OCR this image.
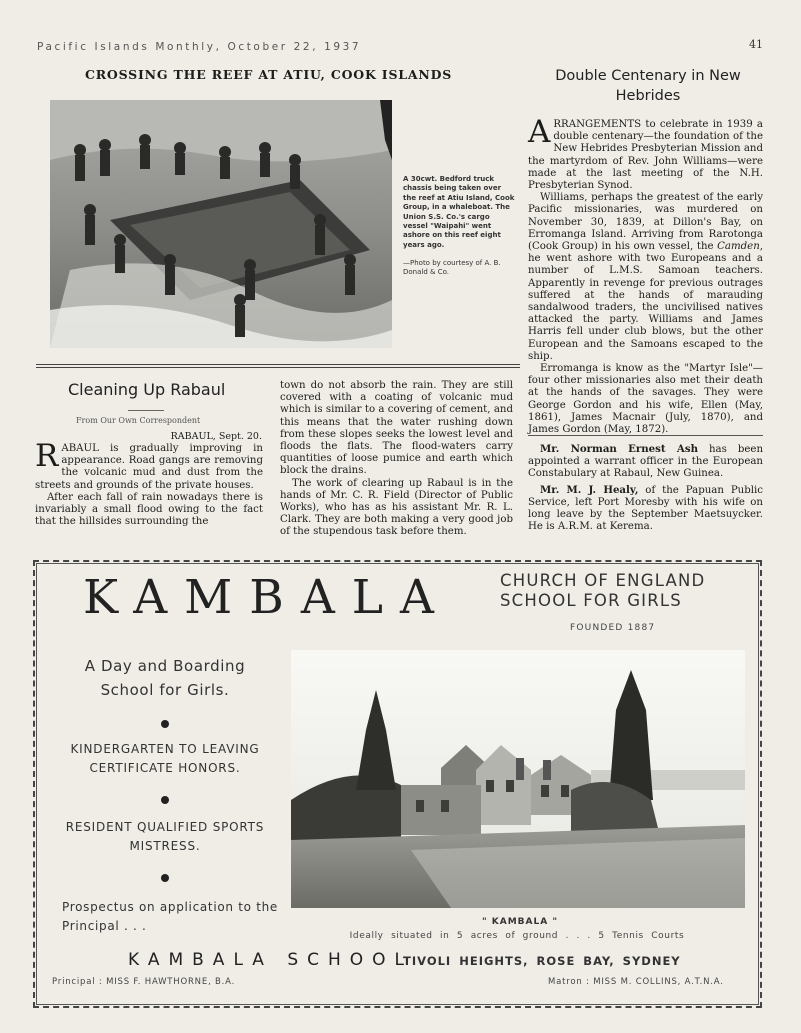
Pacific Islands Monthly, October 22, 1937	41
CROSSING THE REEF AT ATIU, COOK ISLANDS
A 30cwt. Bedford truck chassis being taken over the reef at Atiu Island, Cook Group, in a whaleboat. The Union S.S. Co.'s cargo vessel "Waipahi" went ashore on this reef eight years ago.
—Photo by courtesy of A. B. Donald & Co.
Cleaning Up Rabaul
From Our Own Correspondent
RABAUL, Sept. 20.

RABAUL is gradually improving in appearance. Road gangs are removing the volcanic mud and dust from the streets and grounds of the private houses.

After each fall of rain nowadays there is invariably a small flood owing to the fact that the hillsides surrounding the

town do not absorb the rain. They are still covered with a coating of volcanic mud which is similar to a covering of cement, and this means that the water rushing down from these slopes seeks the lowest level and floods the flats. The flood-waters carry quantities of loose pumice and earth which block the drains.

The work of clearing up Rabaul is in the hands of Mr. C. R. Field (Director of Public Works), who has as his assistant Mr. R. L. Clark. They are both making a very good job of the stupendous task before them.

Double Centenary in New Hebrides

ARRANGEMENTS to celebrate in 1939 a double centenary—the foundation of the New Hebrides Presbyterian Mission and the martyrdom of Rev. John Williams—were made at the last meeting of the N.H. Presbyterian Synod.

Williams, perhaps the greatest of the early Pacific missionaries, was murdered on November 30, 1839, at Dillon's Bay, on Erromanga Island. Arriving from Rarotonga (Cook Group) in his own vessel, the Camden, he went ashore with two Europeans and a number of L.M.S. Samoan teachers. Apparently in revenge for previous outrages suffered at the hands of marauding sandalwood traders, the uncivilised natives attacked the party. Williams and James Harris fell under club blows, but the other European and the Samoans escaped to the ship.

Erromanga is know as the "Martyr Isle"—four other missionaries also met their death at the hands of the savages. They were George Gordon and his wife, Ellen (May, 1861), James Macnair (July, 1870), and James Gordon (May, 1872).

Mr. Norman Ernest Ash has been appointed a warrant officer in the European Constabulary at Rabaul, New Guinea.

Mr. M. J. Healy, of the Papuan Public Service, left Port Moresby with his wife on long leave by the September Maetsuycker. He is A.R.M. at Kerema.

KAMBALA	CHURCH OF ENGLAND
SCHOOL FOR GIRLS
FOUNDED 1887
A Day and Boarding
School for Girls.
KINDERGARTEN TO LEAVING
CERTIFICATE HONORS.
RESIDENT QUALIFIED SPORTS
MISTRESS.
Prospectus on application to the
Principal . . .	" KAMBALA "
Ideally situated in 5 acres of ground . . . 5 Tennis Courts
KAMBALA SCHOOL
TIVOLI HEIGHTS, ROSE BAY, SYDNEY
Principal : MISS F. HAWTHORNE, B.A.	Matron : MISS M. COLLINS, A.T.N.A.
